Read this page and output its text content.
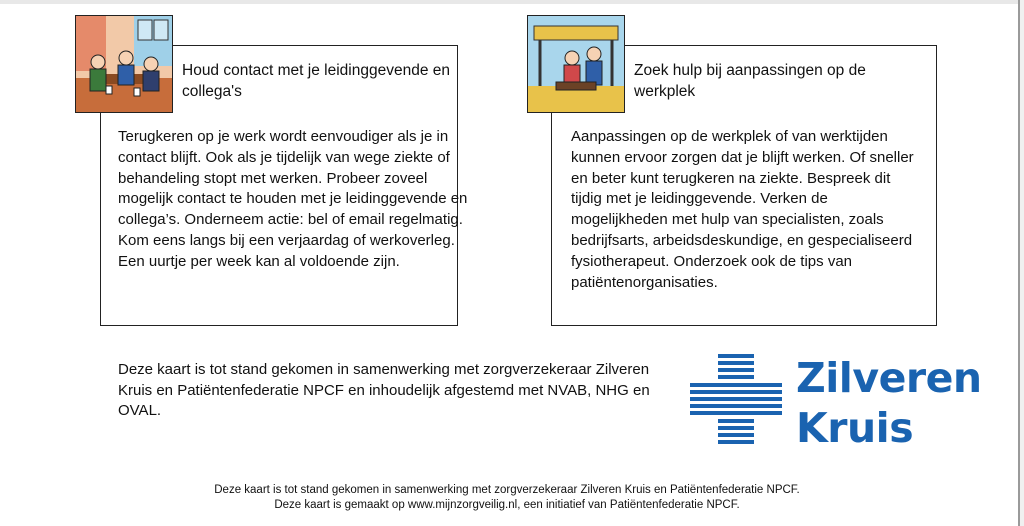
Houd contact met je leidinggevende en collega's
Terugkeren op je werk wordt eenvoudiger als je in contact blijft. Ook als je tijdelijk van wege ziekte of behandeling stopt met werken. Probeer zoveel mogelijk contact te houden met je leidinggevende en collega’s. Onderneem actie: bel of email regelmatig. Kom eens langs bij een verjaardag of werkoverleg. Een uurtje per week kan al voldoende zijn.
Zoek hulp bij aanpassingen op de werkplek
Aanpassingen op de werkplek of van werktijden kunnen ervoor zorgen dat je blijft werken. Of sneller en beter kunt terugkeren na ziekte. Bespreek dit tijdig met je leidinggevende. Verken de mogelijkheden met hulp van specialisten, zoals bedrijfsarts, arbeidsdeskundige, en gespecialiseerd fysiotherapeut. Onderzoek ook de tips van patiëntenorganisaties.
Deze kaart is tot stand gekomen in samenwerking met zorgverzekeraar Zilveren Kruis en Patiëntenfederatie NPCF en inhoudelijk afgestemd met NVAB, NHG en OVAL.
Zilveren
Kruis
Deze kaart is tot stand gekomen in samenwerking met zorgverzekeraar Zilveren Kruis en Patiëntenfederatie NPCF.
Deze kaart is gemaakt op www.mijnzorgveilig.nl, een initiatief van Patiëntenfederatie NPCF.
